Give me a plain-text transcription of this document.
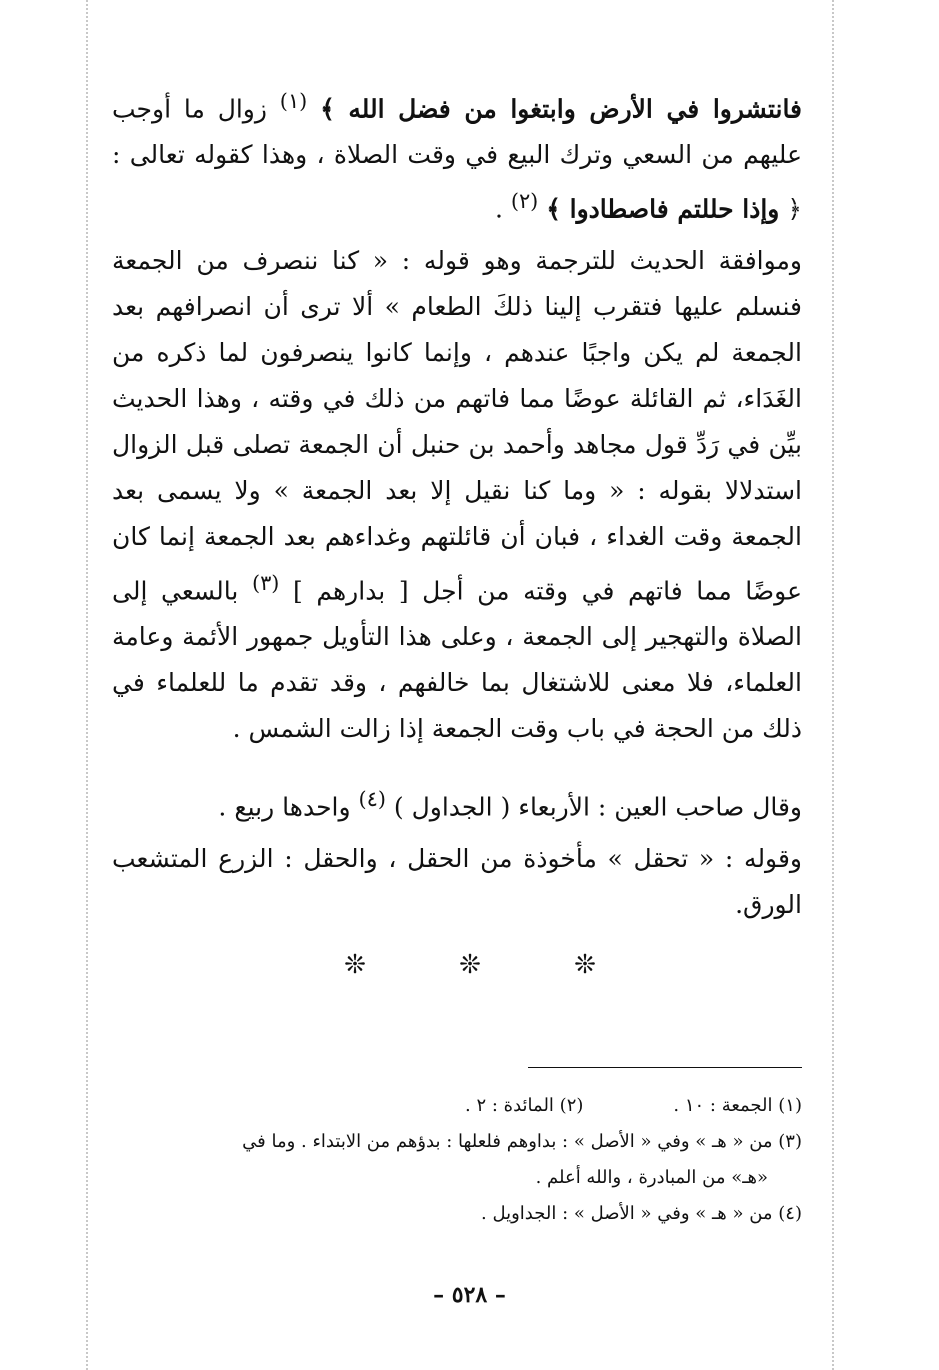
فانتشروا في الأرض وابتغوا من فضل الله ﴾ $^{(١)}$ زوال ما أوجب عليهم من السعي وترك البيع في وقت الصلاة ، وهذا كقوله تعالى : ﴿ وإذا حللتم فاصطادوا ﴾ $^{(٢)}$ .

وموافقة الحديث للترجمة وهو قوله : « كنا ننصرف من الجمعة فنسلم عليها فتقرب إلينا ذلكَ الطعام » ألا ترى أن انصرافهم بعد الجمعة لم يكن واجبًا عندهم ، وإنما كانوا ينصرفون لما ذكره من الغَدَاء، ثم القائلة عوضًا مما فاتهم من ذلك في وقته ، وهذا الحديث بيِّن في رَدِّ قول مجاهد وأحمد بن حنبل أن الجمعة تصلى قبل الزوال استدلالا بقوله : « وما كنا نقيل إلا بعد الجمعة » ولا يسمى بعد الجمعة وقت الغداء ، فبان أن قائلتهم وغداءهم بعد الجمعة إنما كان عوضًا مما فاتهم في وقته من أجل [ بدارهم ] $^{(٣)}$ بالسعي إلى الصلاة والتهجير إلى الجمعة ، وعلى هذا التأويل جمهور الأئمة وعامة العلماء، فلا معنى للاشتغال بما خالفهم ، وقد تقدم ما للعلماء في ذلك من الحجة في باب وقت الجمعة إذا زالت الشمس .

وقال صاحب العين : الأربعاء ( الجداول ) $^{(٤)}$ واحدها ربيع .

وقوله : « تحقل » مأخوذة من الحقل ، والحقل : الزرع المتشعب الورق.

❊
❊
❊
(١) الجمعة : ١٠ .
(٢) المائدة : ٢ .

(٣) من « هـ » وفي « الأصل » : بداوهم فلعلها : بدؤهم من الابتداء . وما في

«هـ» من المبادرة ، والله أعلم .

(٤) من « هـ » وفي « الأصل » : الجداويل .

– ٥٢٨ –
